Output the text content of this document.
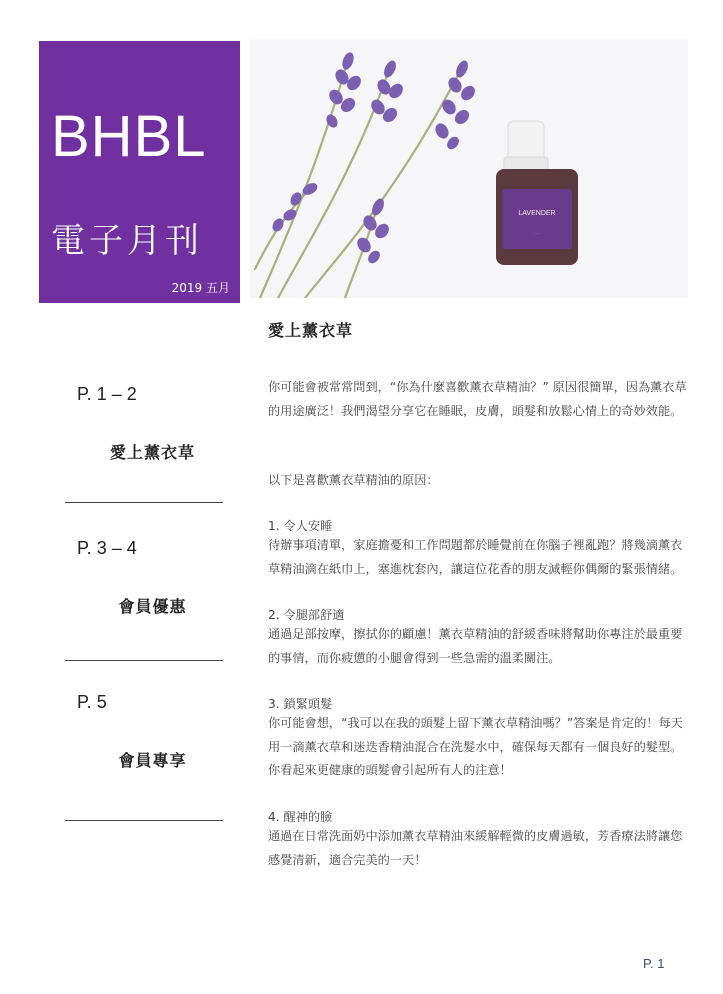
BHBL
電子月刊
2019 五月
LAVENDER
· · ·
P. 1 – 2
愛上薰衣草
P. 3 – 4
會員優惠
P. 5
會員專享
愛上薰衣草

你可能會被常常問到，“你為什麼喜歡薰衣草精油？” 原因很簡單，因為薰衣草的用途廣泛！我們渴望分享它在睡眠，皮膚，頭髮和放鬆心情上的奇妙效能。

以下是喜歡薰衣草精油的原因：

1. 令人安睡

待辦事項清單，家庭擔憂和工作問題都於睡覺前在你腦子裡亂跑？將幾滴薰衣草精油滴在紙巾上，塞進枕套內，讓這位花香的朋友減輕你偶爾的緊張情緒。

2. 令腿部舒適

通過足部按摩，擦拭你的顧慮！薰衣草精油的舒緩香味將幫助你專注於最重要的事情，而你疲憊的小腿會得到一些急需的溫柔關注。

3. 鎖緊頭髮

你可能會想，“我可以在我的頭髮上留下薰衣草精油嗎？”答案是肯定的！每天用一滴薰衣草和迷迭香精油混合在洗髮水中，確保每天都有一個良好的髮型。你看起來更健康的頭髮會引起所有人的注意！

4. 醒神的臉

通過在日常洗面奶中添加薰衣草精油來緩解輕微的皮膚過敏，芳香療法將讓您感覺清新，適合完美的一天！

P. 1
